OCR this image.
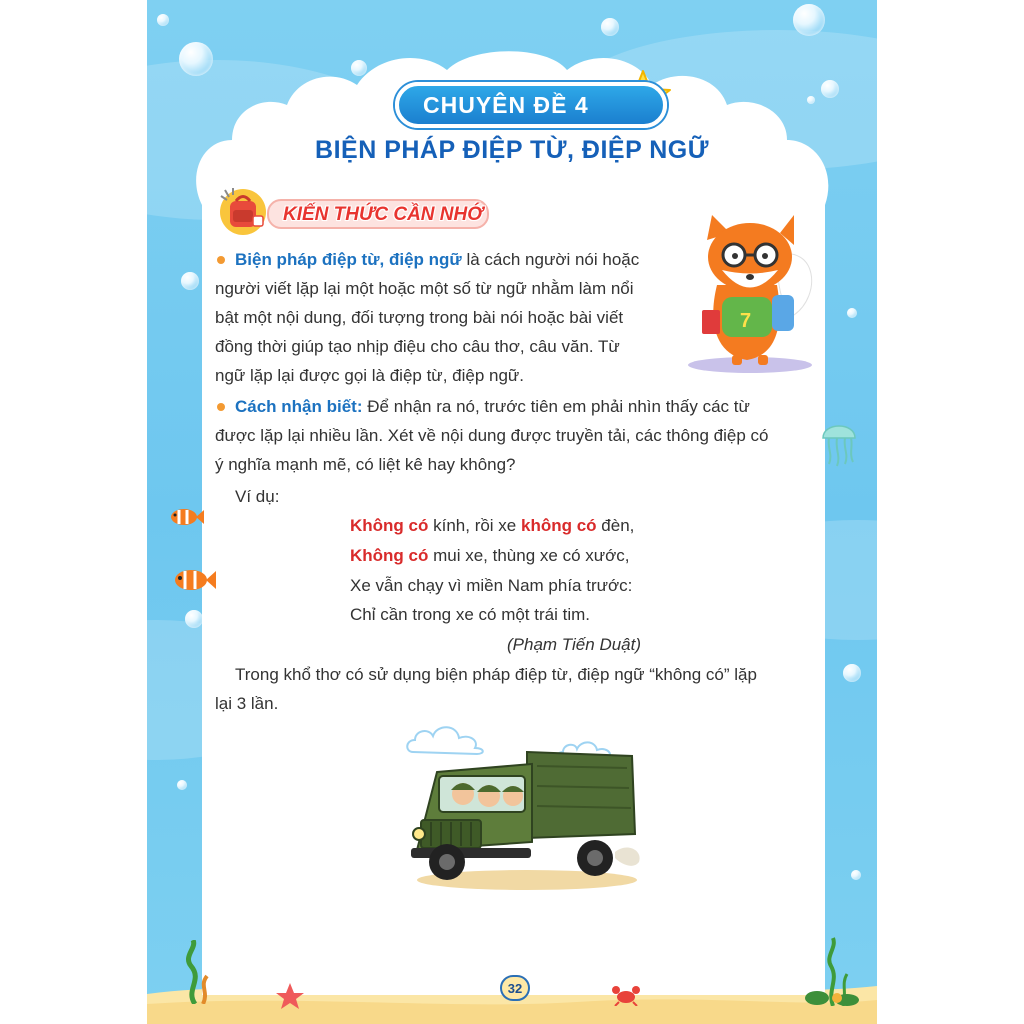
CHUYÊN ĐỀ 4
BIỆN PHÁP ĐIỆP TỪ, ĐIỆP NGỮ
KIẾN THỨC CẦN NHỚ
7
Biện pháp điệp từ, điệp ngữ là cách người nói hoặc
người viết lặp lại một hoặc một số từ ngữ nhằm làm nổi
bật một nội dung, đối tượng trong bài nói hoặc bài viết
đồng thời giúp tạo nhịp điệu cho câu thơ, câu văn. Từ
ngữ lặp lại được gọi là điệp từ, điệp ngữ.
Cách nhận biết: Để nhận ra nó, trước tiên em phải nhìn thấy các từ
được lặp lại nhiều lần. Xét về nội dung được truyền tải, các thông điệp có
ý nghĩa mạnh mẽ, có liệt kê hay không?
Ví dụ:
Không có kính, rồi xe không có đèn,
Không có mui xe, thùng xe có xước,
Xe vẫn chạy vì miền Nam phía trước:
Chỉ cần trong xe có một trái tim.
(Phạm Tiến Duật)
Trong khổ thơ có sử dụng biện pháp điệp từ, điệp ngữ “không có” lặp
lại 3 lần.
32
